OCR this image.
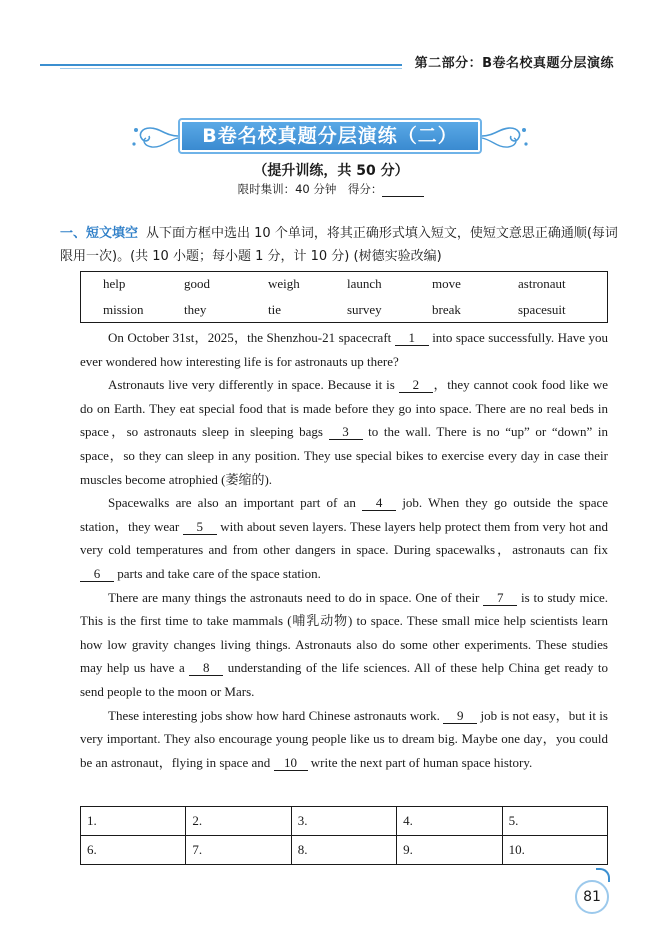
第二部分：B卷名校真题分层演练
B卷名校真题分层演练（二）
（提升训练，共 50 分）
限时集训：40 分钟　得分：
一、短文填空 从下面方框中选出 10 个单词，将其正确形式填入短文，使短文意思正确通顺(每词限用一次)。(共 10 小题；每小题 1 分，计 10 分) (树德实验改编)
help	good	weigh	launch	move	astronaut
mission	they	tie	survey	break	spacesuit

On October 31st，2025，the Shenzhou-21 spacecraft 1 into space successfully. Have you ever wondered how interesting life is for astronauts up there?

Astronauts live very differently in space. Because it is 2 ，they cannot cook food like we do on Earth. They eat special food that is made before they go into space. There are no real beds in space，so astronauts sleep in sleeping bags 3 to the wall. There is no “up” or “down” in space，so they can sleep in any position. They use special bikes to exercise every day in case their muscles become atrophied (萎缩的).

Spacewalks are also an important part of an 4 job. When they go outside the space station，they wear 5 with about seven layers. These layers help protect them from very hot and very cold temperatures and from other dangers in space. During spacewalks，astronauts can fix 6 parts and take care of the space station.

There are many things the astronauts need to do in space. One of their 7 is to study mice. This is the first time to take mammals (哺乳动物) to space. These small mice help scientists learn how low gravity changes living things. Astronauts also do some other experiments. These studies may help us have a 8 understanding of the life sciences. All of these help China get ready to send people to the moon or Mars.

These interesting jobs show how hard Chinese astronauts work. 9 job is not easy，but it is very important. They also encourage young people like us to dream big. Maybe one day，you could be an astronaut，flying in space and 10 write the next part of human space history.

1.	2.	3.	4.	5.
6.	7.	8.	9.	10.
81
